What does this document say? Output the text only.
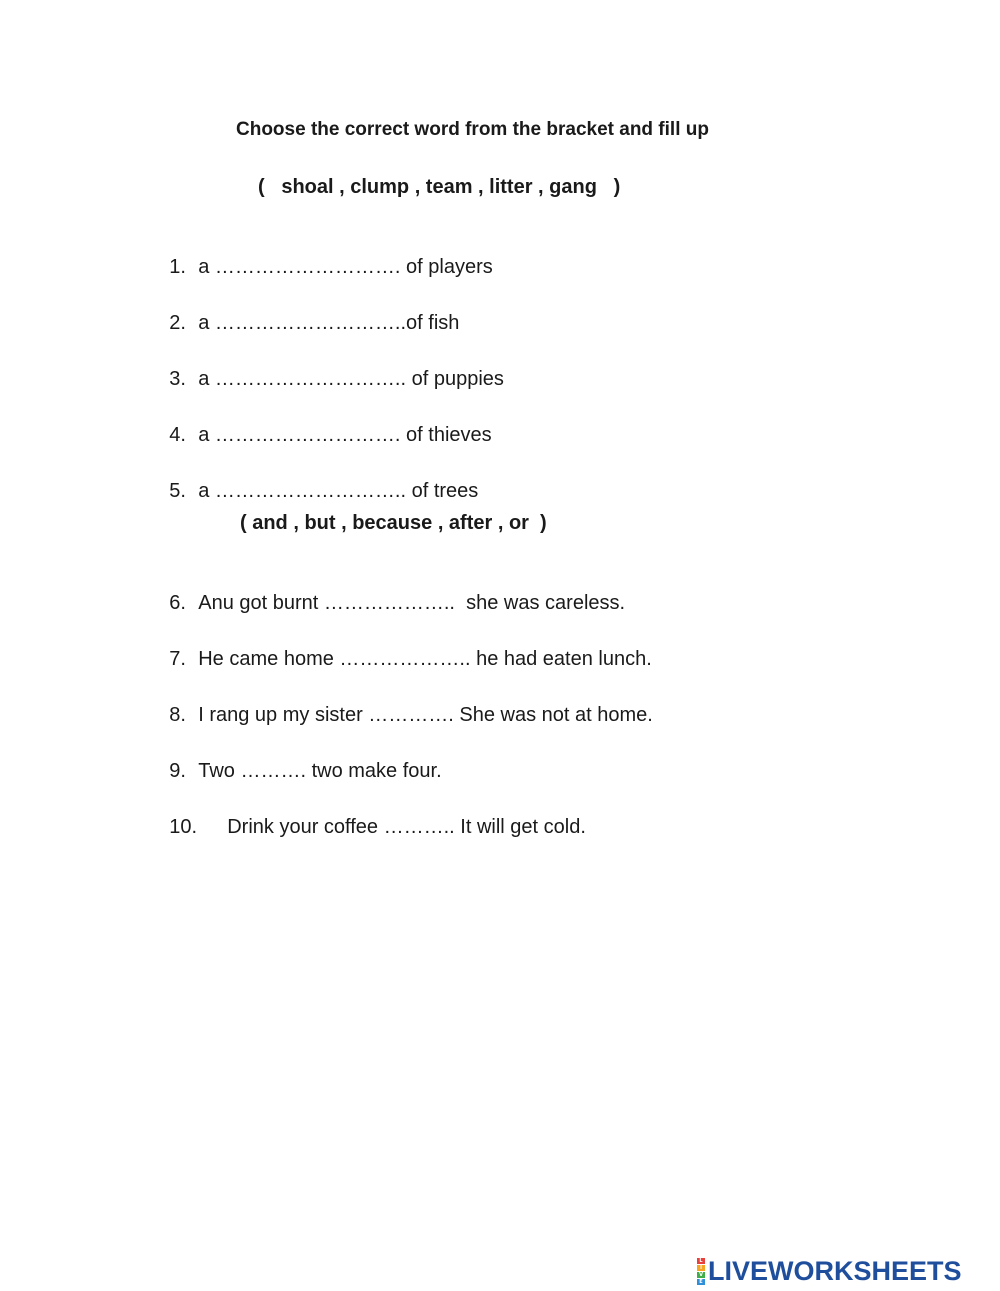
Choose the correct word from the bracket and fill up
(   shoal , clump , team , litter , gang   )

1. a ………………………. of players

2. a ………………………..of fish

3. a ……………………….. of puppies

4. a ………………………. of thieves

5. a ……………………….. of trees

( and , but , because , after , or  )

6. Anu got burnt ………………..  she was careless.

7. He came home ……………….. he had eaten lunch.

8. I rang up my sister …………. She was not at home.

9. Two ………. two make four.

10. Drink your coffee ……….. It will get cold.

L
I
V
E LIVEWORKSHEETS
